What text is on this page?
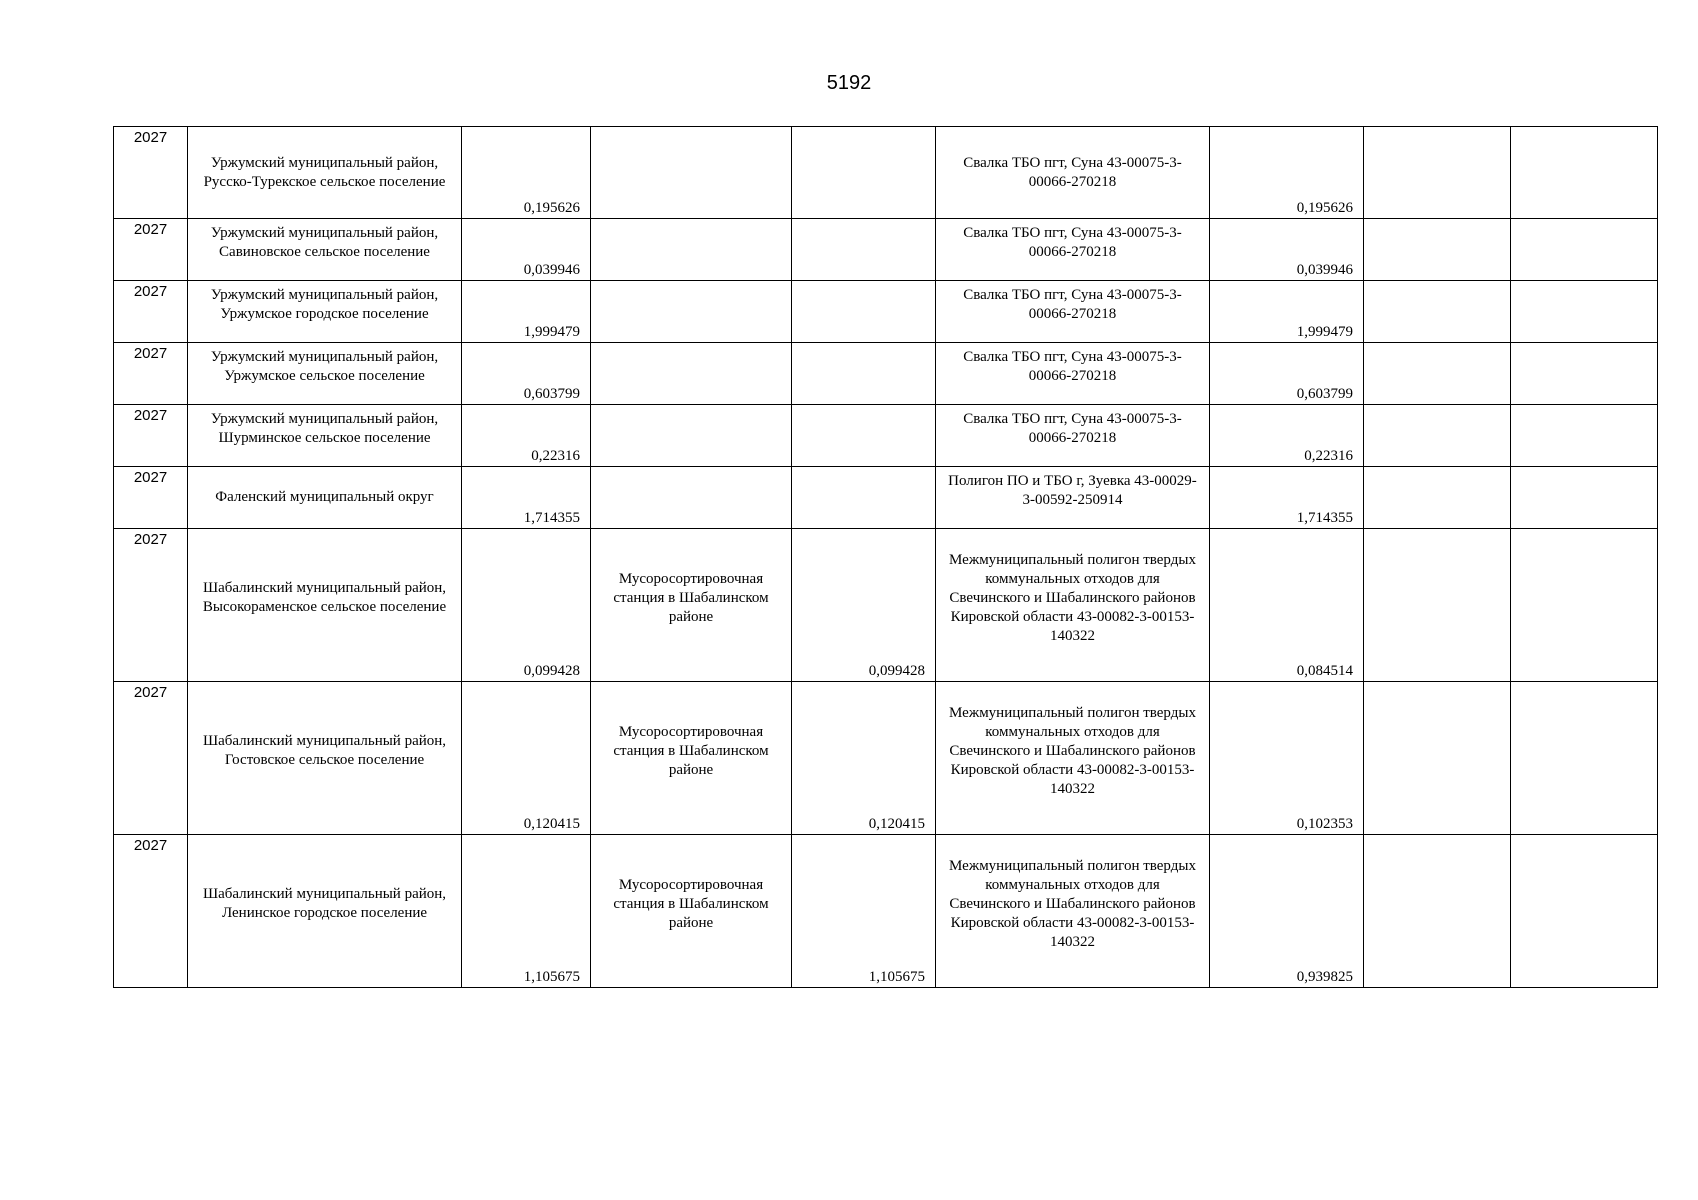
5192
2027	Уржумский муниципальный район, Русско-Турекское сельское поселение	0,195626			Свалка ТБО пгт, Суна 43-00075-3-00066-270218	0,195626		

2027	Уржумский муниципальный район, Савиновское сельское поселение	0,039946			Свалка ТБО пгт, Суна 43-00075-3-00066-270218	0,039946		

2027	Уржумский муниципальный район, Уржумское городское поселение	1,999479			Свалка ТБО пгт, Суна 43-00075-3-00066-270218	1,999479		

2027	Уржумский муниципальный район, Уржумское сельское поселение	0,603799			Свалка ТБО пгт, Суна 43-00075-3-00066-270218	0,603799		

2027	Уржумский муниципальный район, Шурминское сельское поселение	0,22316			Свалка ТБО пгт, Суна 43-00075-3-00066-270218	0,22316		

2027	Фаленский муниципальный округ	1,714355			Полигон ПО и ТБО г, Зуевка 43-00029-3-00592-250914	1,714355		

2027	Шабалинский муниципальный район, Высокораменское сельское поселение	0,099428	Мусоросортировочная станция в Шабалинском районе	0,099428	Межмуниципальный полигон твердых коммунальных отходов для Свечинского и Шабалинского районов Кировской области 43-00082-3-00153-140322	0,084514		

2027	Шабалинский муниципальный район, Гостовское сельское поселение	0,120415	Мусоросортировочная станция в Шабалинском районе	0,120415	Межмуниципальный полигон твердых коммунальных отходов для Свечинского и Шабалинского районов Кировской области 43-00082-3-00153-140322	0,102353		

2027	Шабалинский муниципальный район, Ленинское городское поселение	1,105675	Мусоросортировочная станция в Шабалинском районе	1,105675	Межмуниципальный полигон твердых коммунальных отходов для Свечинского и Шабалинского районов Кировской области 43-00082-3-00153-140322	0,939825		
